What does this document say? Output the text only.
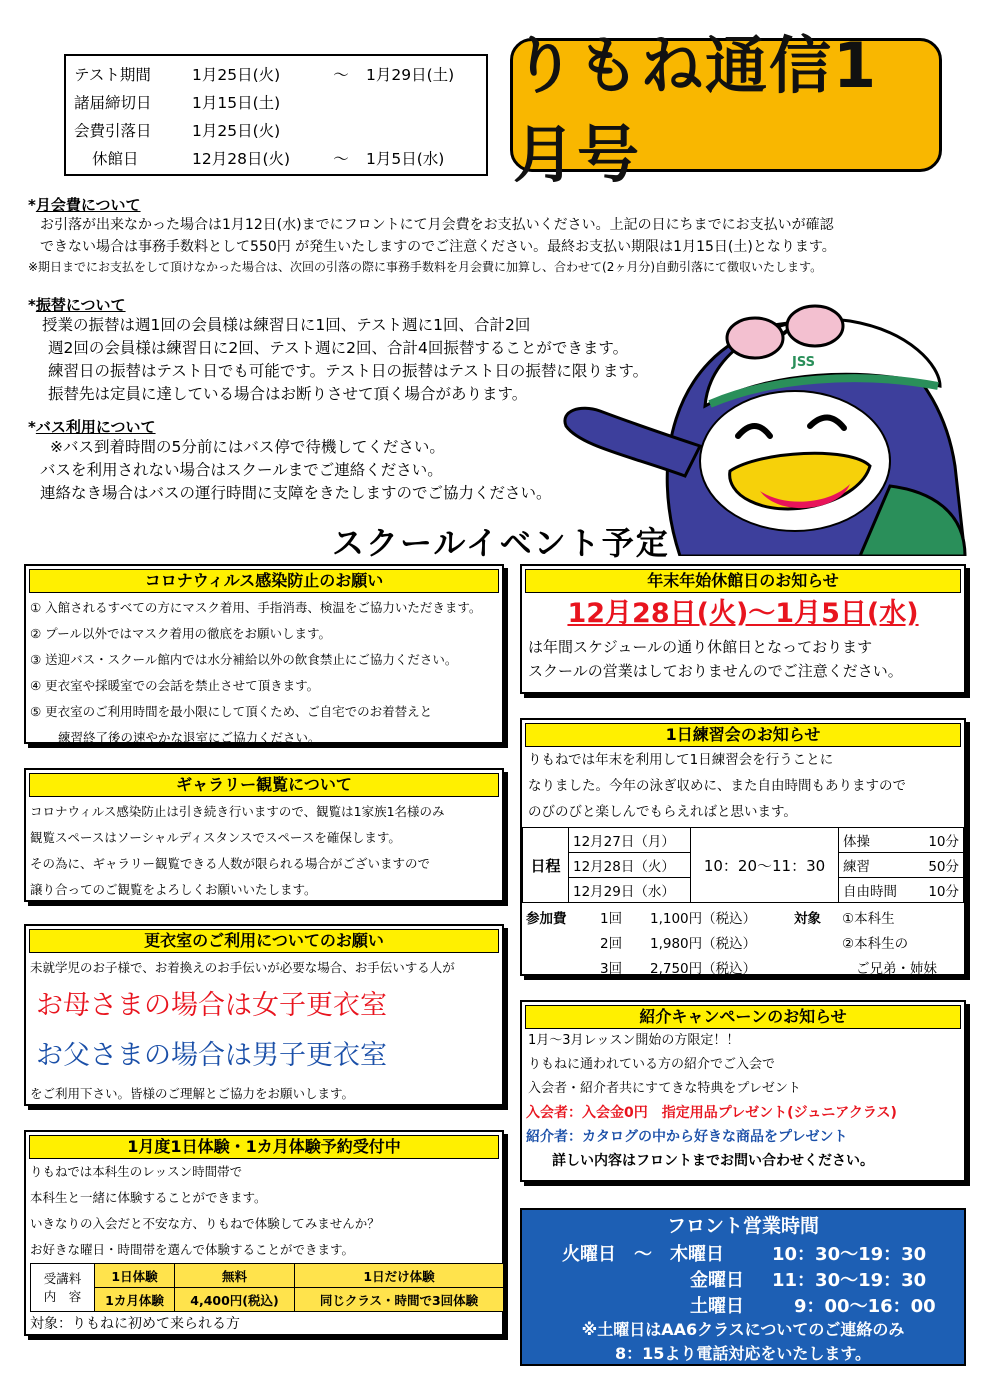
テスト期間	1月25日(火)	～	1月29日(土)
諸届締切日	1月15日(土)
会費引落日	1月25日(火)
休館日	12月28日(火)	～	1月5日(水)
りもね通信1月号
*月会費について
お引落が出来なかった場合は1月12日(水)までにフロントにて月会費をお支払いください。上記の日にちまでにお支払いが確認
できない場合は事務手数料として550円 が発生いたしますのでご注意ください。最終お支払い期限は1月15日(土)となります。
※期日までにお支払をして頂けなかった場合は、次回の引落の際に事務手数料を月会費に加算し、合わせて(2ヶ月分)自動引落にて徴収いたします。
*振替について
授業の振替は週1回の会員様は練習日に1回、テスト週に1回、合計2回
週2回の会員様は練習日に2回、テスト週に2回、合計4回振替することができます。
練習日の振替はテスト日でも可能です。テスト日の振替はテスト日の振替に限ります。
振替先は定員に達している場合はお断りさせて頂く場合があります。
*バス利用について
※バス到着時間の5分前にはバス停で待機してください。
バスを利用されない場合はスクールまでご連絡ください。
連絡なき場合はバスの運行時間に支障をきたしますのでご協力ください。
JSS
スクールイベント予定
コロナウィルス感染防止のお願い
① 入館されるすべての方にマスク着用、手指消毒、検温をご協力いただきます。
② プール以外ではマスク着用の徹底をお願いします。
③ 送迎バス・スクール館内では水分補給以外の飲食禁止にご協力ください。
④ 更衣室や採暖室での会話を禁止させて頂きます。
⑤ 更衣室のご利用時間を最小限にして頂くため、ご自宅でのお着替えと
練習終了後の速やかな退室にご協力ください。
ギャラリー観覧について
コロナウィルス感染防止は引き続き行いますので、観覧は1家族1名様のみ
観覧スペースはソーシャルディスタンスでスペースを確保します。
その為に、ギャラリー観覧できる人数が限られる場合がございますので
譲り合ってのご観覧をよろしくお願いいたします。
更衣室のご利用についてのお願い
未就学児のお子様で、お着換えのお手伝いが必要な場合、お手伝いする人が
お母さまの場合は女子更衣室
お父さまの場合は男子更衣室
をご利用下さい。皆様のご理解とご協力をお願いします。
1月度1日体験・1カ月体験予約受付中
りもねでは本科生のレッスン時間帯で
本科生と一緒に体験することができます。
いきなりの入会だと不安な方、りもねで体験してみませんか？
お好きな曜日・時間帯を選んで体験することができます。
受講料
内　容	1日体験	無料	1日だけ体験
	1カ月体験	4,400円(税込)	同じクラス・時間で3回体験
対象：りもねに初めて来られる方
年末年始休館日のお知らせ
12月28日(火)～1月5日(水)
は年間スケジュールの通り休館日となっております
スクールの営業はしておりませんのでご注意ください。
1日練習会のお知らせ
りもねでは年末を利用して1日練習会を行うことに
なりました。今年の泳ぎ収めに、また自由時間もありますので
のびのびと楽しんでもらえればと思います。
日程	12月27日（月）	10：20～11：30	体操 10分

	12月28日（火）		練習 50分

	12月29日（水）		自由時間 10分
参加費 1回 1,100円（税込）
2回 1,980円（税込）
3回 2,750円（税込）
対象 ①本科生
②本科生の
ご兄弟・姉妹
紹介キャンペーンのお知らせ
1月～3月レッスン開始の方限定！！
りもねに通われている方の紹介でご入会で
入会者・紹介者共にすてきな特典をプレゼント
入会者：入会金0円　指定用品プレゼント(ジュニアクラス)
紹介者：カタログの中から好きな商品をプレゼント
詳しい内容はフロントまでお問い合わせください。
フロント営業時間
火曜日　～　木曜日	10：30～19：30
金曜日 11：30～19：30
土曜日	9：00～16：00
※土曜日はAA6クラスについてのご連絡のみ
8：15より電話対応をいたします。
